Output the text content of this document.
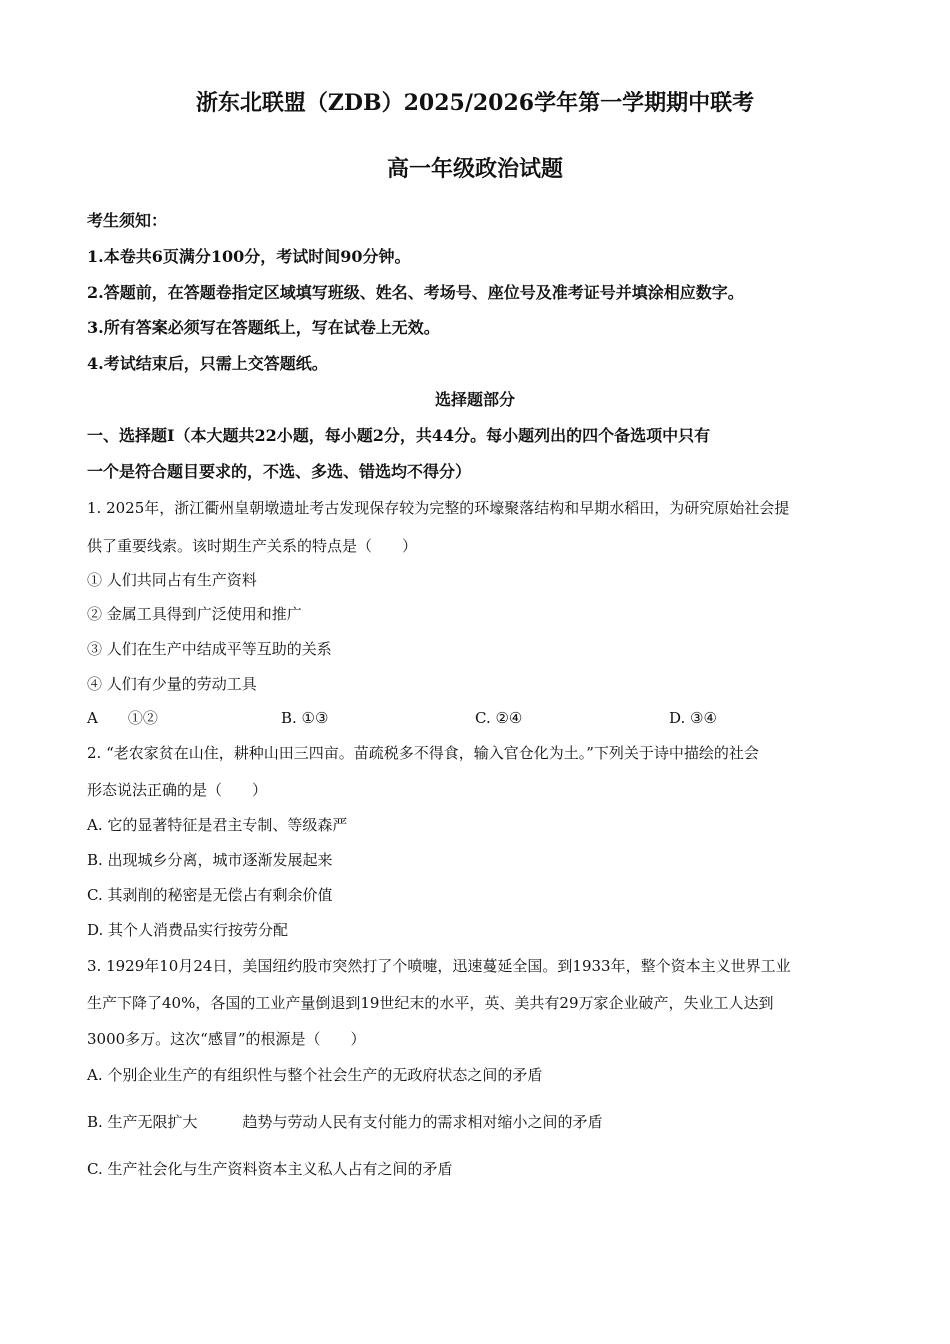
浙东北联盟（ZDB）2025/2026学年第一学期期中联考
高一年级政治试题
考生须知：
1.本卷共6页满分100分，考试时间90分钟。
2.答题前，在答题卷指定区域填写班级、姓名、考场号、座位号及准考证号并填涂相应数字。
3.所有答案必须写在答题纸上，写在试卷上无效。
4.考试结束后，只需上交答题纸。
选择题部分
一、选择题Ⅰ（本大题共22小题，每小题2分，共44分。每小题列出的四个备选项中只有
一个是符合题目要求的，不选、多选、错选均不得分）
1. 2025年，浙江衢州皇朝墩遗址考古发现保存较为完整的环壕聚落结构和早期水稻田，为研究原始社会提
供了重要线索。该时期生产关系的特点是（　　）
① 人们共同占有生产资料
② 金属工具得到广泛使用和推广
③ 人们在生产中结成平等互助的关系
④ 人们有少量的劳动工具
A　　①②	B. ①③	C. ②④	D. ③④
2. “老农家贫在山住，耕种山田三四亩。苗疏税多不得食，输入官仓化为土。”下列关于诗中描绘的社会
形态说法正确的是（　　）
A. 它的显著特征是君主专制、等级森严
B. 出现城乡分离，城市逐渐发展起来
C. 其剥削的秘密是无偿占有剩余价值
D. 其个人消费品实行按劳分配
3. 1929年10月24日，美国纽约股市突然打了个喷嚏，迅速蔓延全国。到1933年，整个资本主义世界工业
生产下降了40%，各国的工业产量倒退到19世纪末的水平，英、美共有29万家企业破产，失业工人达到
3000多万。这次“感冒”的根源是（　　）
A. 个别企业生产的有组织性与整个社会生产的无政府状态之间的矛盾
B. 生产无限扩大　　　趋势与劳动人民有支付能力的需求相对缩小之间的矛盾
C. 生产社会化与生产资料资本主义私人占有之间的矛盾
